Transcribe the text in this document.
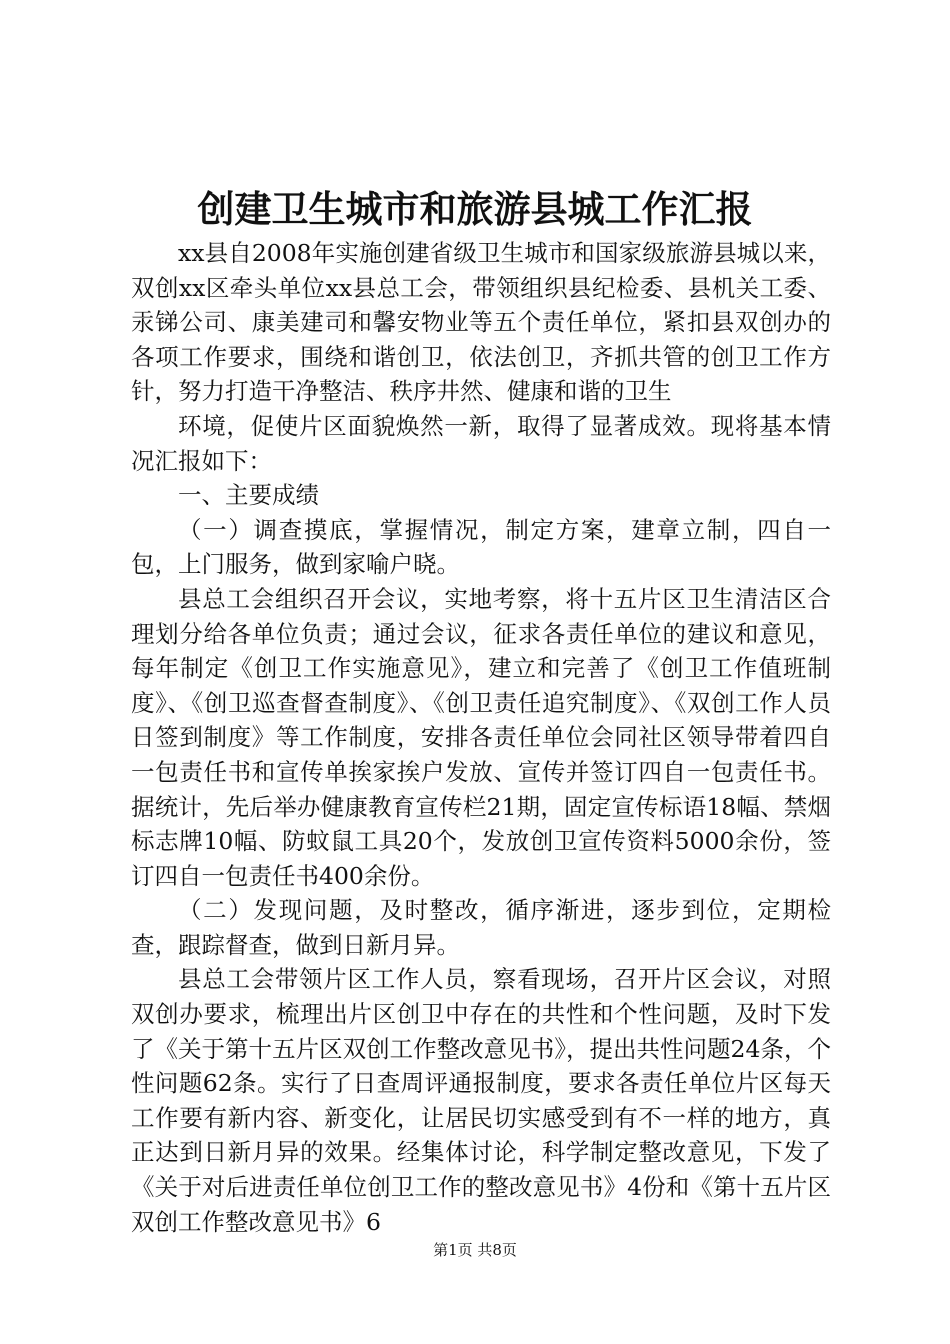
创建卫生城市和旅游县城工作汇报

xx县自2008年实施创建省级卫生城市和国家级旅游县城以来，双创xx区牵头单位xx县总工会，带领组织县纪检委、县机关工委、汞锑公司、康美建司和馨安物业等五个责任单位，紧扣县双创办的各项工作要求，围绕和谐创卫，依法创卫，齐抓共管的创卫工作方针，努力打造干净整洁、秩序井然、健康和谐的卫生

环境，促使片区面貌焕然一新，取得了显著成效。现将基本情况汇报如下：

一、主要成绩

（一）调查摸底，掌握情况，制定方案，建章立制，四自一包，上门服务，做到家喻户晓。

县总工会组织召开会议，实地考察，将十五片区卫生清洁区合理划分给各单位负责；通过会议，征求各责任单位的建议和意见，每年制定《创卫工作实施意见》，建立和完善了《创卫工作值班制度》、《创卫巡查督查制度》、《创卫责任追究制度》、《双创工作人员日签到制度》等工作制度，安排各责任单位会同社区领导带着四自一包责任书和宣传单挨家挨户发放、宣传并签订四自一包责任书。据统计，先后举办健康教育宣传栏21期，固定宣传标语18幅、禁烟标志牌10幅、防蚊鼠工具20个，发放创卫宣传资料5000余份，签订四自一包责任书400余份。

（二）发现问题，及时整改，循序渐进，逐步到位，定期检查，跟踪督查，做到日新月异。

县总工会带领片区工作人员，察看现场，召开片区会议，对照双创办要求，梳理出片区创卫中存在的共性和个性问题，及时下发了《关于第十五片区双创工作整改意见书》，提出共性问题24条，个性问题62条。实行了日查周评通报制度，要求各责任单位片区每天工作要有新内容、新变化，让居民切实感受到有不一样的地方，真正达到日新月异的效果。经集体讨论，科学制定整改意见，下发了《关于对后进责任单位创卫工作的整改意见书》4份和《第十五片区双创工作整改意见书》6

第1页 共8页
